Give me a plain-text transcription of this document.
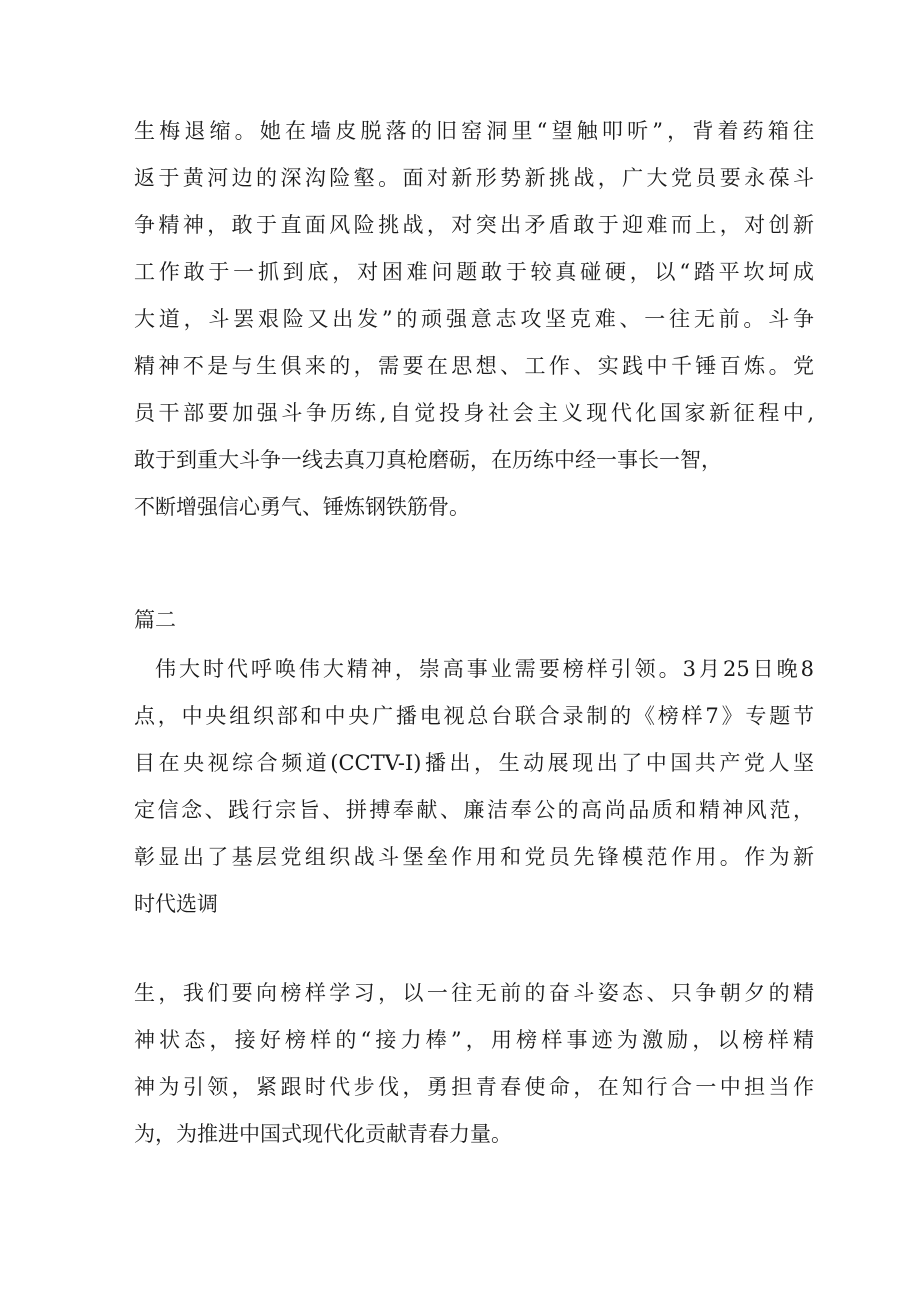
生梅退缩。她在墙皮脱落的旧窑洞里“望触叩听”，背着药箱往
返于黄河边的深沟险壑。面对新形势新挑战，广大党员要永葆斗
争精神，敢于直面风险挑战，对突出矛盾敢于迎难而上，对创新
工作敢于一抓到底，对困难问题敢于较真碰硬，以“踏平坎坷成
大道，斗罢艰险又出发”的顽强意志攻坚克难、一往无前。斗争
精神不是与生俱来的，需要在思想、工作、实践中千锤百炼。党
员干部要加强斗争历练,自觉投身社会主义现代化国家新征程中,
敢于到重大斗争一线去真刀真枪磨砺，在历练中经一事长一智，
不断增强信心勇气、锤炼钢铁筋骨。
篇二
伟大时代呼唤伟大精神，崇高事业需要榜样引领。3月25日晚8
点，中央组织部和中央广播电视总台联合录制的《榜样7》专题节
目在央视综合频道(CCTV-I)播出，生动展现出了中国共产党人坚
定信念、践行宗旨、拼搏奉献、廉洁奉公的高尚品质和精神风范，
彰显出了基层党组织战斗堡垒作用和党员先锋模范作用。作为新
时代选调
生，我们要向榜样学习，以一往无前的奋斗姿态、只争朝夕的精
神状态，接好榜样的“接力棒”，用榜样事迹为激励，以榜样精
神为引领，紧跟时代步伐，勇担青春使命，在知行合一中担当作
为，为推进中国式现代化贡献青春力量。
